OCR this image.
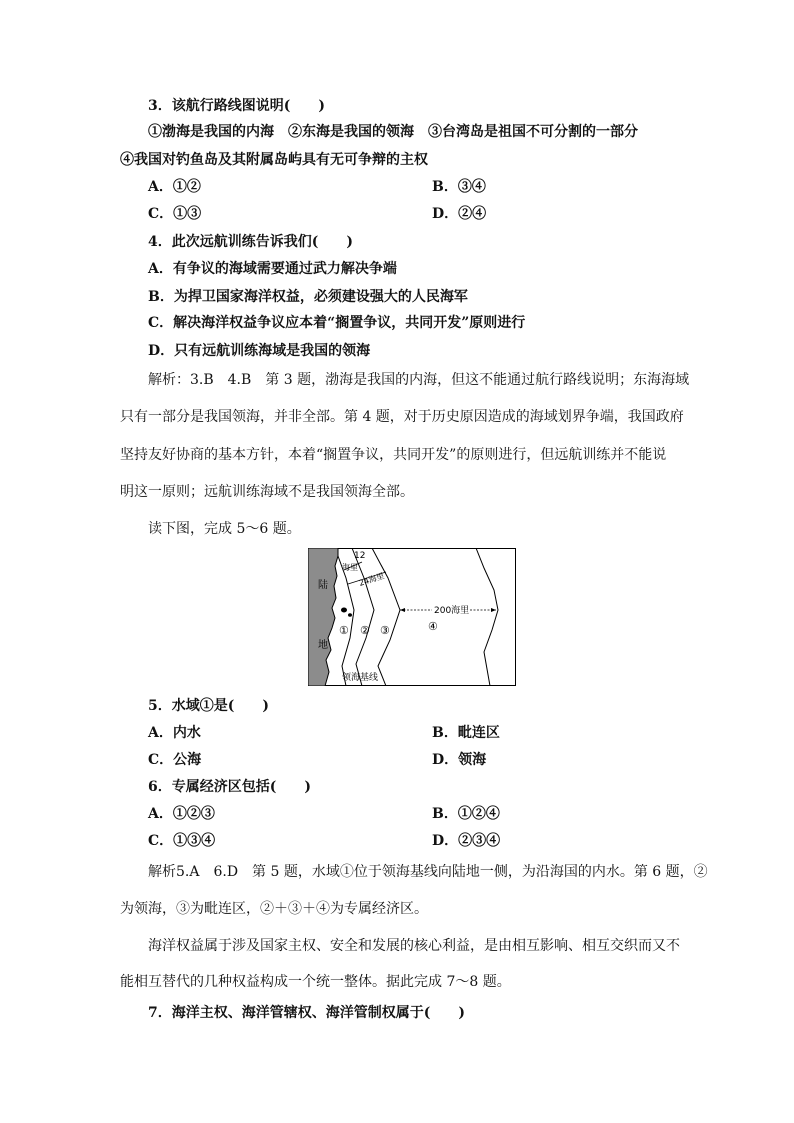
3．该航行路线图说明(　　)
①渤海是我国的内海　②东海是我国的领海　③台湾岛是祖国不可分割的一部分
④我国对钓鱼岛及其附属岛屿具有无可争辩的主权
A．①②	B．③④
C．①③	D．②④
4．此次远航训练告诉我们(　　)
A．有争议的海域需要通过武力解决争端
B．为捍卫国家海洋权益，必须建设强大的人民海军
C．解决海洋权益争议应本着“搁置争议，共同开发”原则进行
D．只有远航训练海域是我国的领海
解析：3.B　4.B　第 3 题，渤海是我国的内海，但这不能通过航行路线说明；东海海域
只有一部分是我国领海，并非全部。第 4 题，对于历史原因造成的海域划界争端，我国政府
坚持友好协商的基本方针，本着“搁置争议，共同开发”的原则进行，但远航训练并不能说
明这一原则；远航训练海域不是我国领海全部。
读下图，完成 5～6 题。
陆
地
12
海里
24海里
200海里
① ② ③	④
领海基线
5．水域①是(　　)
A．内水	B．毗连区
C．公海	D．领海
6．专属经济区包括(　　)
A．①②③	B．①②④
C．①③④	D．②③④
解析5.A　6.D　第 5 题，水域①位于领海基线向陆地一侧，为沿海国的内水。第 6 题，②
为领海，③为毗连区，②＋③＋④为专属经济区。
海洋权益属于涉及国家主权、安全和发展的核心利益，是由相互影响、相互交织而又不
能相互替代的几种权益构成一个统一整体。据此完成 7～8 题。
7．海洋主权、海洋管辖权、海洋管制权属于(　　)
